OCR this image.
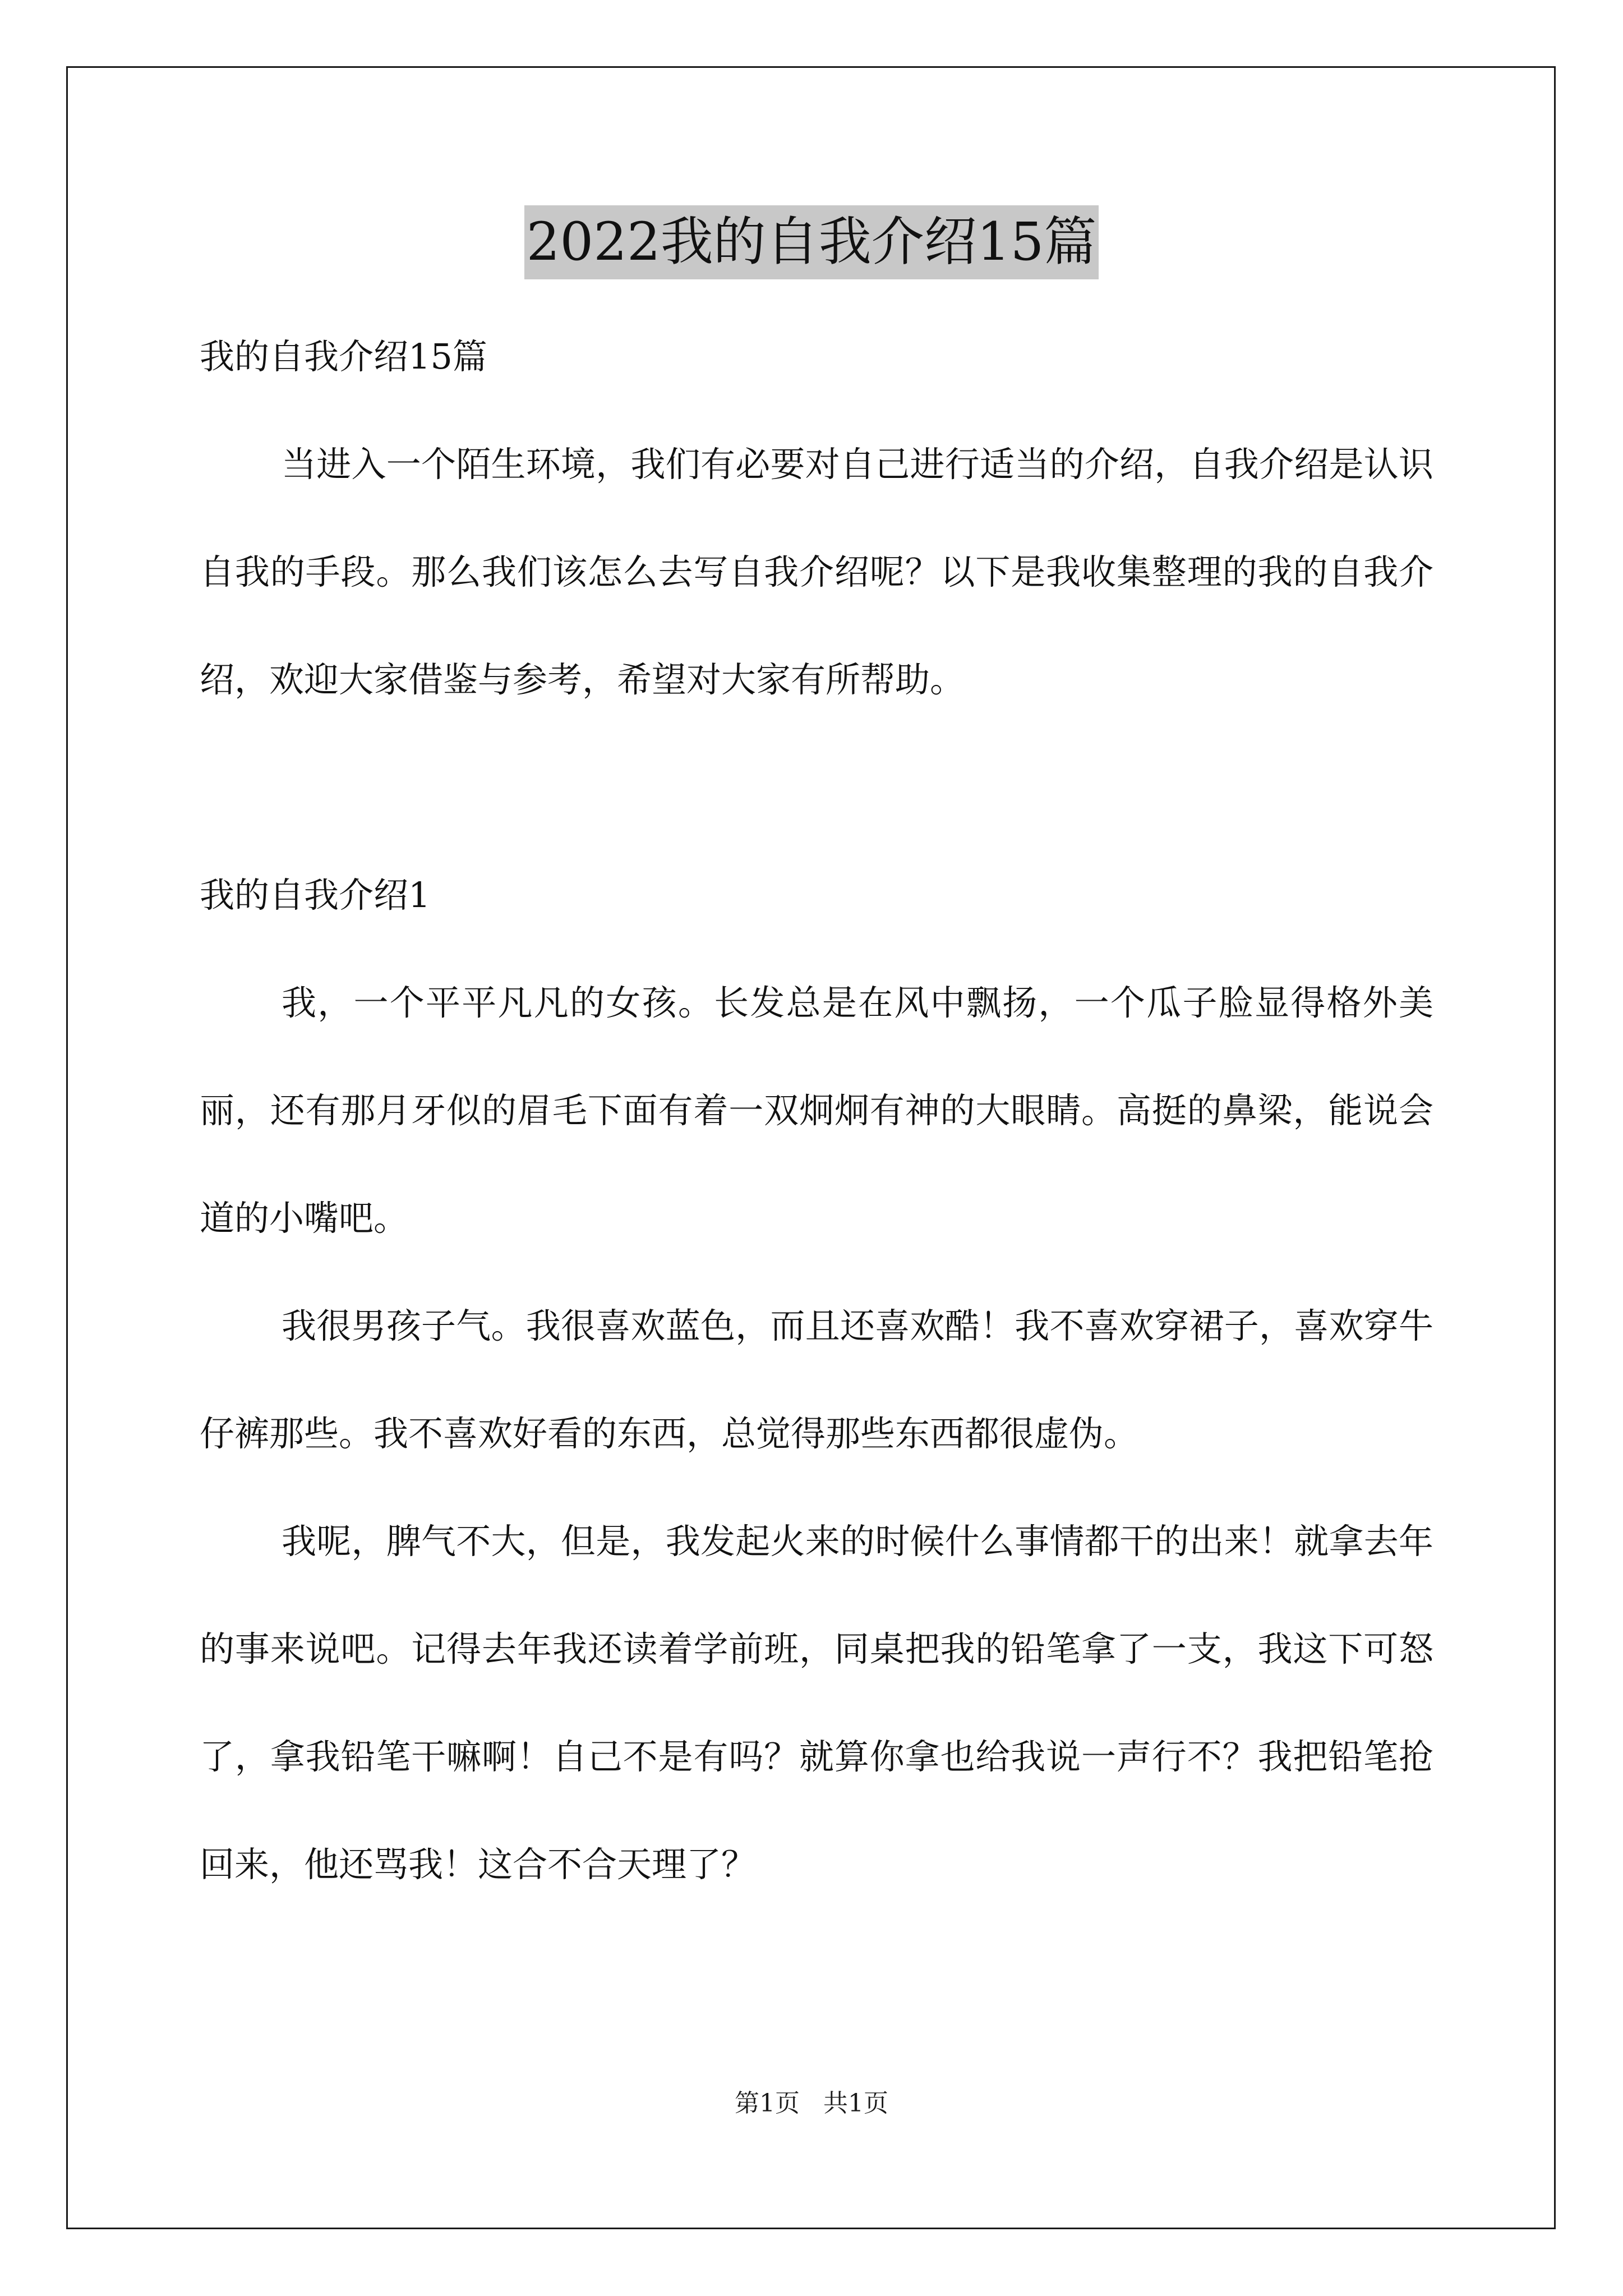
2022我的自我介绍15篇

我的自我介绍15篇

当进入一个陌生环境，我们有必要对自己进行适当的介绍，自我介绍是认识自我的手段。那么我们该怎么去写自我介绍呢？以下是我收集整理的我的自我介绍，欢迎大家借鉴与参考，希望对大家有所帮助。

我的自我介绍1

我，一个平平凡凡的女孩。长发总是在风中飘扬，一个瓜子脸显得格外美丽，还有那月牙似的眉毛下面有着一双炯炯有神的大眼睛。高挺的鼻梁，能说会道的小嘴吧。

我很男孩子气。我很喜欢蓝色，而且还喜欢酷！我不喜欢穿裙子，喜欢穿牛仔裤那些。我不喜欢好看的东西，总觉得那些东西都很虚伪。

我呢，脾气不大，但是，我发起火来的时候什么事情都干的出来！就拿去年的事来说吧。记得去年我还读着学前班，同桌把我的铅笔拿了一支，我这下可怒了，拿我铅笔干嘛啊！自己不是有吗？就算你拿也给我说一声行不？我把铅笔抢回来，他还骂我！这合不合天理了？

第1页 共1页
